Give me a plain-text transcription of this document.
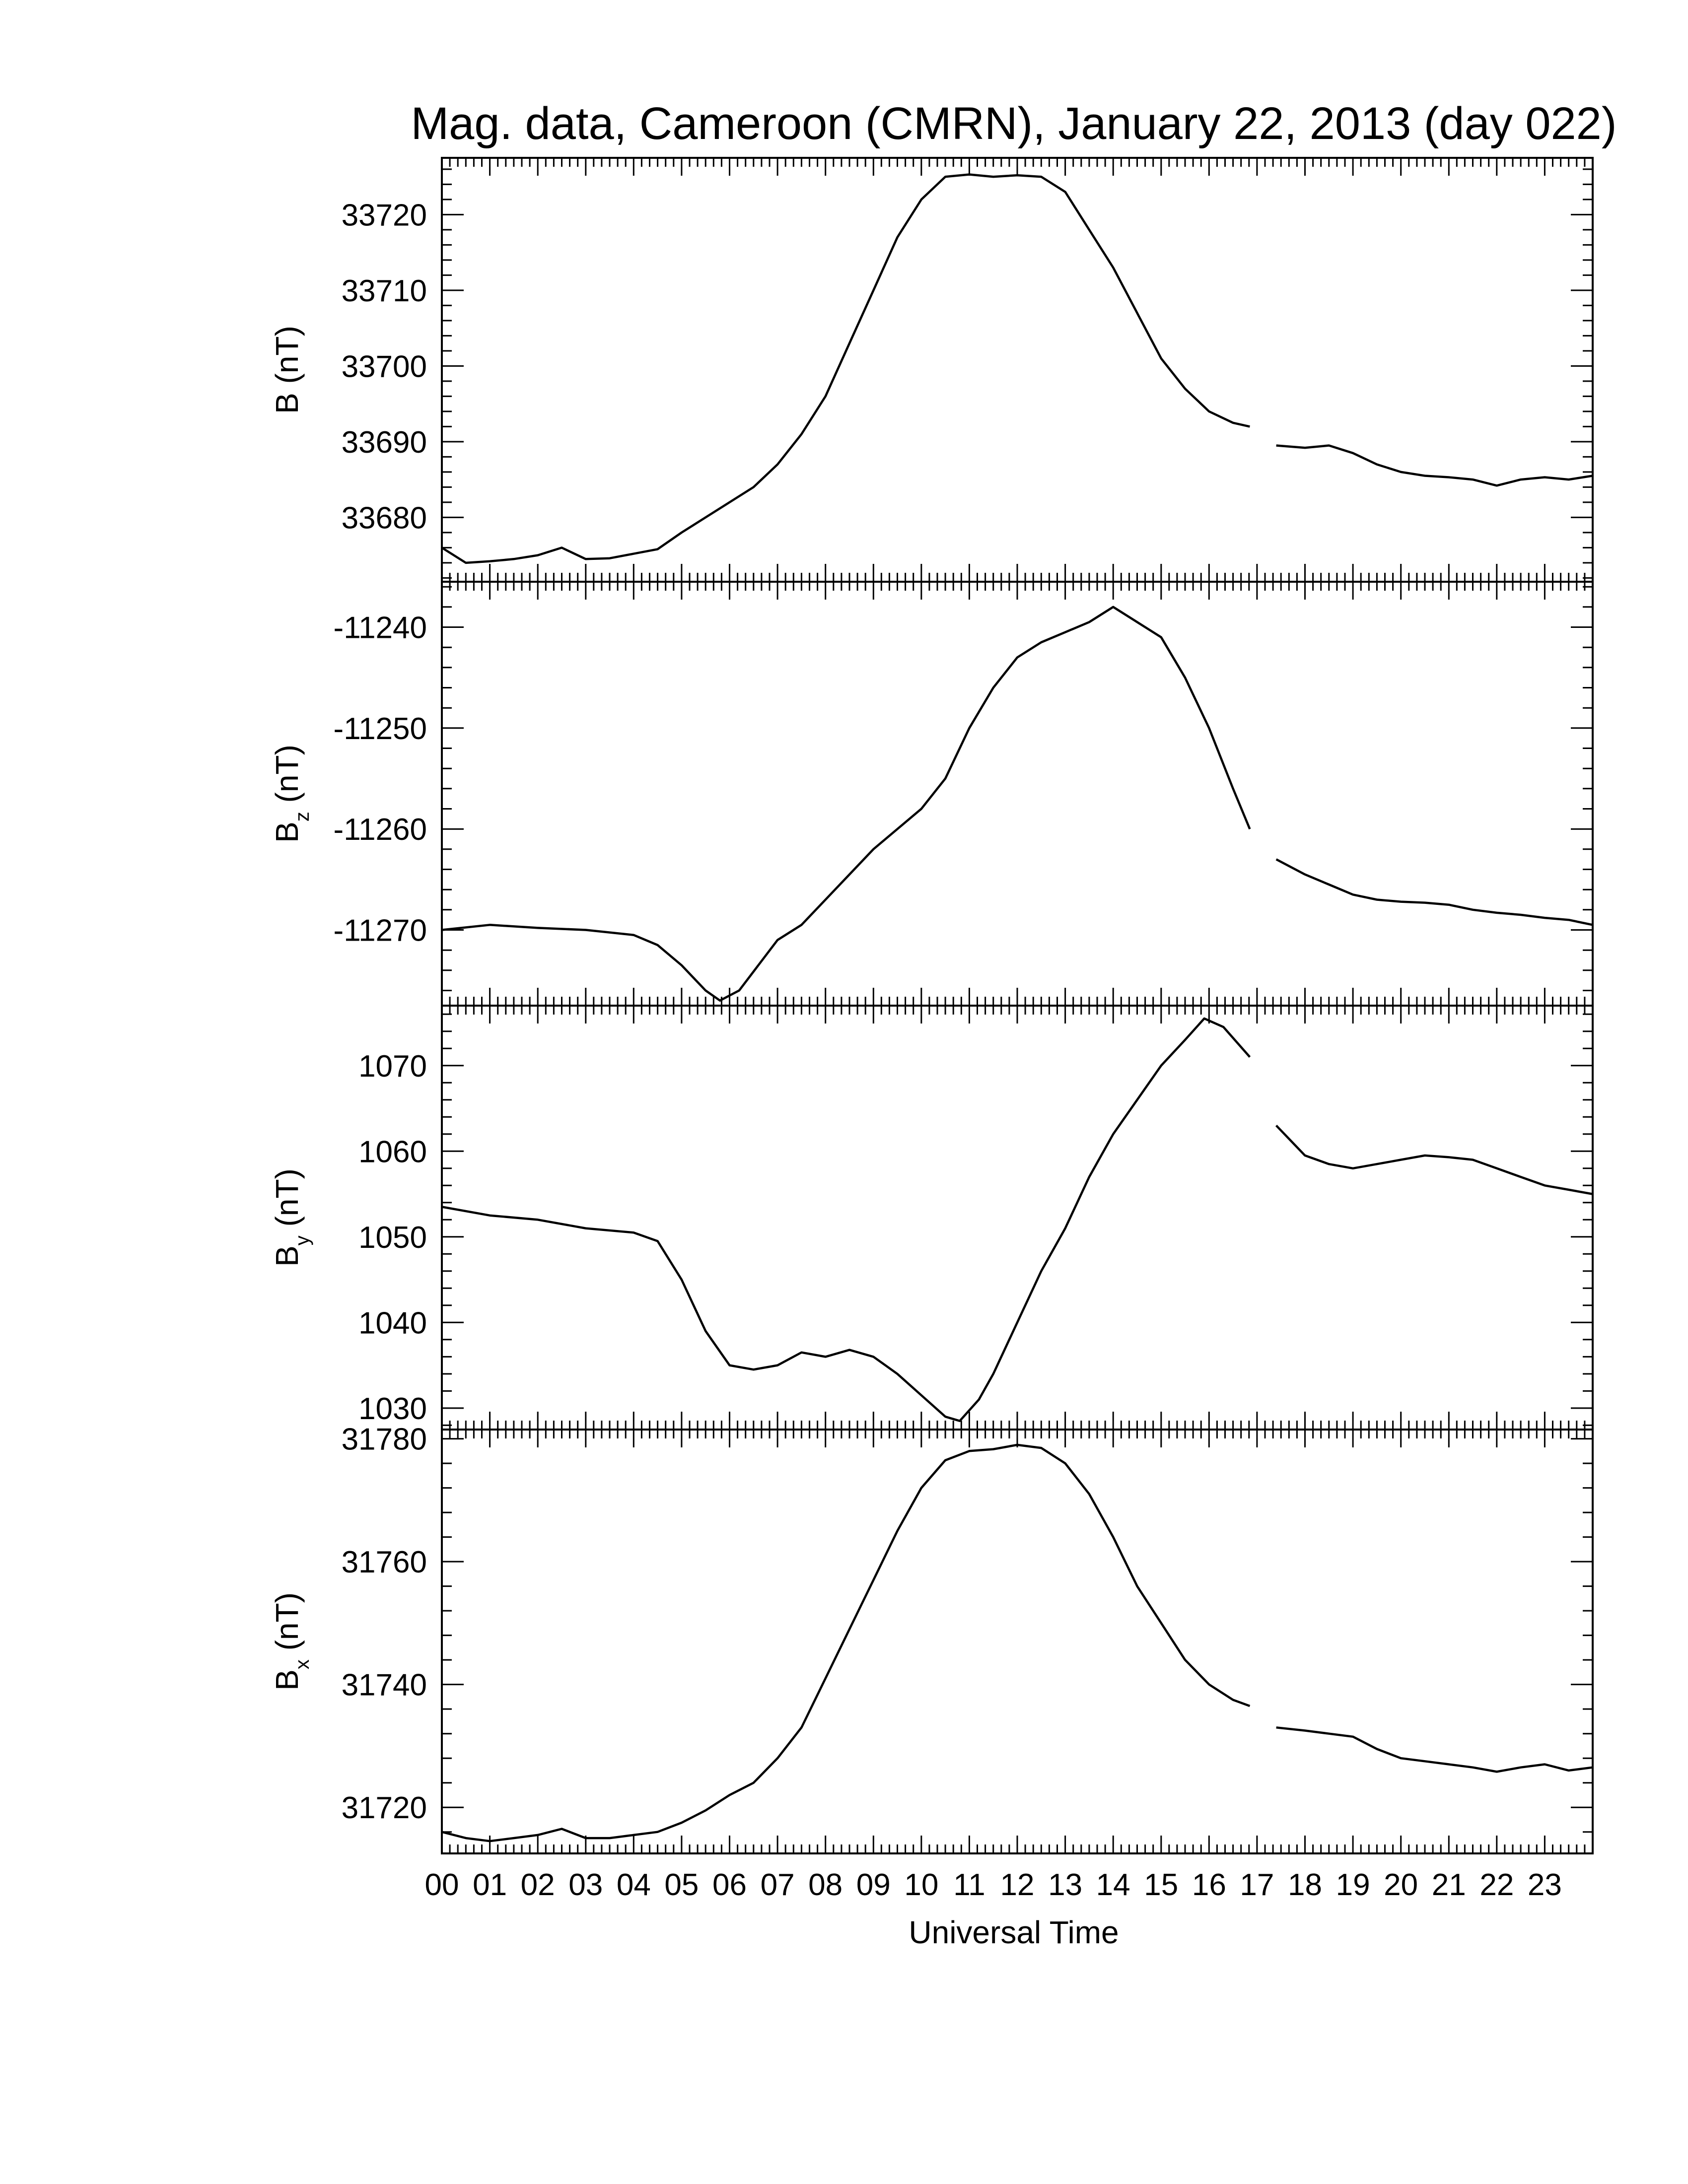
Mag. data, Cameroon (CMRN), January 22, 2013 (day 022)
33680
33690
33700
33710
33720
B (nT)
-11270
-11260
-11250
-11240
$B_z$ (nT)
1030
1040
1050
1060
1070
$B_y$ (nT)
31720
31740
31760
31780
$B_x$ (nT)
00 01 02 03 04 05 06 07 08 09 10 11 12 13 14 15 16 17 18 19 20 21 22 23
Universal Time
